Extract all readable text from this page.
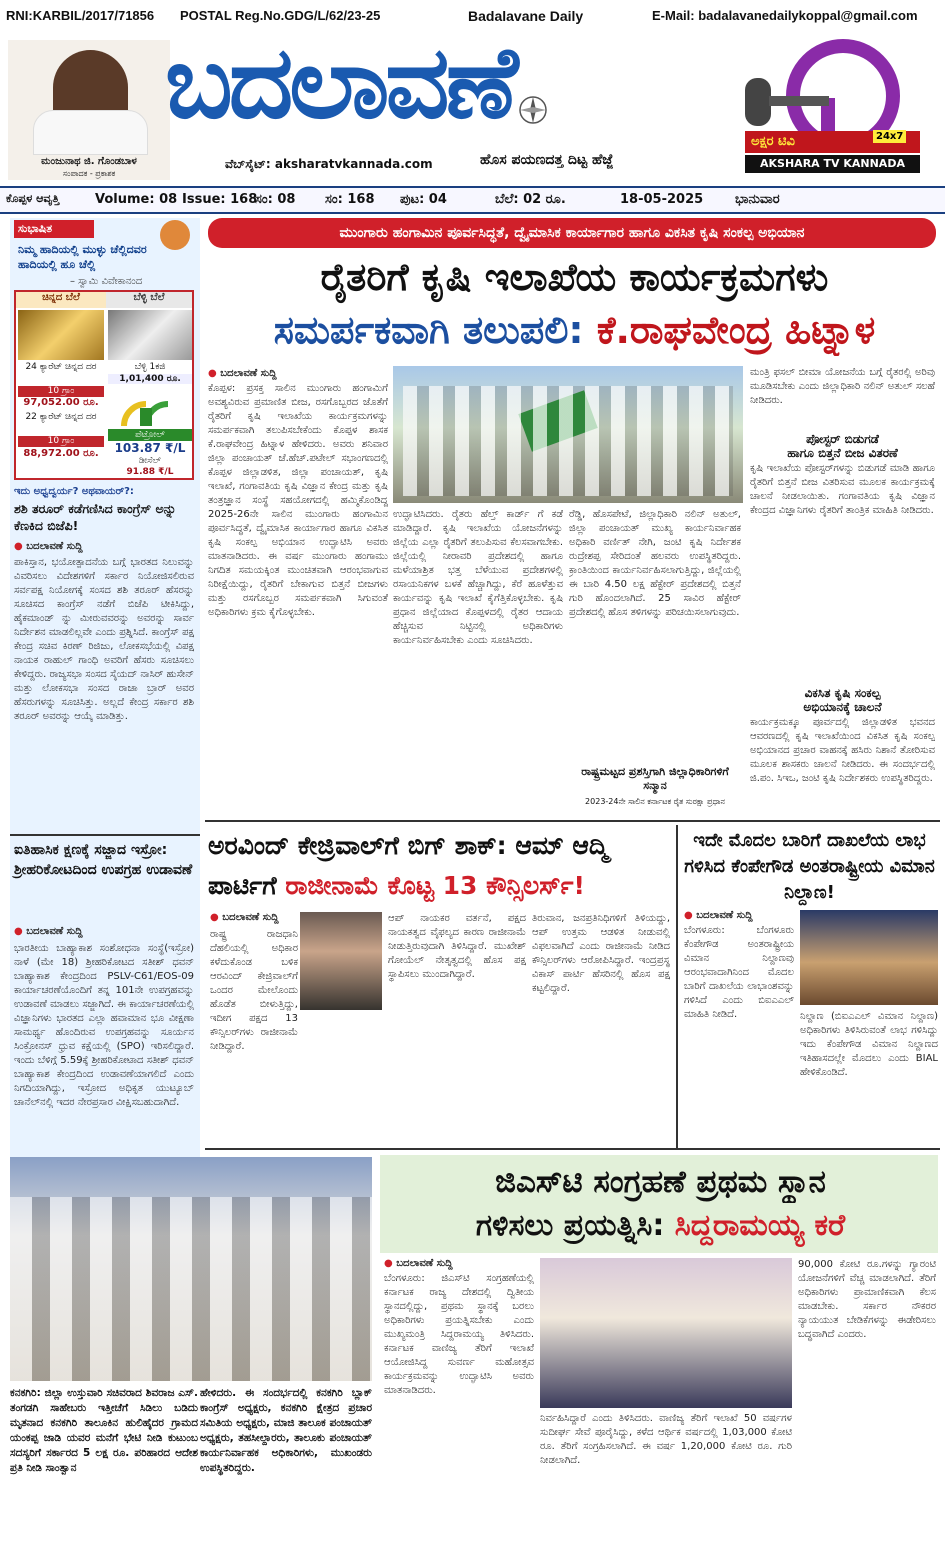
RNI:KARBIL/2017/71856 POSTAL Reg.No.GDG/L/62/23-25	Badalavane Daily	E-Mail: badalavanedailykoppal@gmail.com
ಮಂಜುನಾಥ ಜಿ. ಗೊಂಡಬಾಳ
ಸಂಪಾದಕ - ಪ್ರಕಾಶಕ
ಬದಲಾವಣೆ
ವೆಬ್‌ಸೈಟ್: aksharatvkannada.com	ಹೊಸ ಪಯಣದತ್ತ ದಿಟ್ಟ ಹೆಜ್ಜೆ
ಅಕ್ಷರ ಟಿವಿ	24x7
AKSHARA TV KANNADA
ಕೊಪ್ಪಳ ಆವೃತ್ತಿ	Volume: 08 Issue: 168
ಸಂ: 08 ಸಂ: 168 ಪುಟ: 04	ಬೆಲೆ: 02 ರೂ.	18-05-2025 ಭಾನುವಾರ
ಸುಭಾಷಿತ
ನಿಮ್ಮ ಹಾದಿಯಲ್ಲಿ ಮುಳ್ಳು ಚೆಲ್ಲಿದವರ ಹಾದಿಯಲ್ಲಿ ಹೂ ಚೆಲ್ಲಿ
– ಸ್ವಾಮಿ ವಿವೇಕಾನಂದ
ಚಿನ್ನದ ಬೆಲೆ	ಬೆಳ್ಳಿ ಬೆಲೆ
24 ಕ್ಯಾರೆಟ್ ಚಿನ್ನದ ದರ
10 ಗ್ರಾಂ
97,052.00 ರೂ.
22 ಕ್ಯಾರೆಟ್ ಚಿನ್ನದ ದರ
10 ಗ್ರಾಂ
88,972.00 ರೂ.
ಬೆಳ್ಳಿ 1ಕಜಿ
1,01,400 ರೂ.
ಪೆಟ್ರೋಲ್
103.87 ₹/L
ಡೀಸೆಲ್
91.88 ₹/L
ಇದು ಅಧ್ವದ್ವರ್ಯ? ಅಥವಾಯರ್?:
ಶಶಿ ತರೂರ್ ಕಡೆಗಣಿಸಿದ ಕಾಂಗ್ರೆಸ್ ಅನ್ನು ಕೆಣಕಿದ ಬಿಜೆಪಿ!
● ಬದಲಾವಣೆ ಸುದ್ದಿ
ಪಾಕಿಸ್ತಾನ, ಭಯೋತ್ಪಾದನೆಯ ಬಗ್ಗೆ ಭಾರತದ ನಿಲುವನ್ನು ವಿವರಿಸಲು ವಿದೇಶಗಳಿಗೆ ಸರ್ಕಾರ ನಿಯೋಜಿಸಲಿರುವ ಸರ್ವಪಕ್ಷ ನಿಯೋಗಕ್ಕೆ ಸಂಸದ ಶಶಿ ತರೂರ್ ಹೆಸರನ್ನು ಸೂಚಿಸದ ಕಾಂಗ್ರೆಸ್ ನಡೆಗೆ ಬಿಜೆಪಿ ಟೀಕಿಸಿದ್ದು, ಹೈಕಮಾಂಡ್ ನ್ನು ಮೀರುವವರನ್ನು ಅವರನ್ನು ಸಾರ್ವ ನಿರ್ದೇಶನ ಮಾಡಲಿಲ್ಲವೇ ಎಂದು ಪ್ರಶ್ನಿಸಿದೆ. ಕಾಂಗ್ರೆಸ್ ಪಕ್ಷ ಕೇಂದ್ರ ಸಚಿವ ಕಿರಣ್ ರಿಜಿಜು, ಲೋಕಸಭೆಯಲ್ಲಿ ವಿಪಕ್ಷ ನಾಯಕ ರಾಹುಲ್ ಗಾಂಧಿ ಅವರಿಗೆ ಹೆಸರು ಸೂಚಿಸಲು ಕೇಳಿದ್ದರು. ರಾಜ್ಯಸಭಾ ಸಂಸದ ಸೈಯದ್ ನಾಸಿರ್ ಹುಸೇನ್ ಮತ್ತು ಲೋಕಸಭಾ ಸಂಸದ ರಾಜಾ ಬ್ರಾರ್ ಅವರ ಹೆಸರುಗಳನ್ನು ಸೂಚಿಸಿತ್ತು. ಅಲ್ಲದೆ ಕೇಂದ್ರ ಸರ್ಕಾರ ಶಶಿ ತರೂರ್ ಅವರನ್ನು ಆಯ್ಕೆ ಮಾಡಿತ್ತು.
ಐತಿಹಾಸಿಕ ಕ್ಷಣಕ್ಕೆ ಸಜ್ಜಾದ ಇಸ್ರೋ: ಶ್ರೀಹರಿಕೋಟದಿಂದ ಉಪಗ್ರಹ ಉಡಾವಣೆ
● ಬದಲಾವಣೆ ಸುದ್ದಿ
ಭಾರತೀಯ ಬಾಹ್ಯಾಕಾಶ ಸಂಶೋಧನಾ ಸಂಸ್ಥೆ(ಇಸ್ರೋ) ನಾಳೆ (ಮೇ 18) ಶ್ರೀಹರಿಕೋಟದ ಸತೀಶ್ ಧವನ್ ಬಾಹ್ಯಾಕಾಶ ಕೇಂದ್ರದಿಂದ PSLV-C61/EOS-09 ಕಾರ್ಯಾಚರಣೆಯೊಂದಿಗೆ ತನ್ನ 101ನೇ ಉಪಗ್ರಹವನ್ನು ಉಡಾವಣೆ ಮಾಡಲು ಸಜ್ಜಾಗಿದೆ. ಈ ಕಾರ್ಯಾಚರಣೆಯಲ್ಲಿ ವಿಜ್ಞಾನಿಗಳು ಭಾರತದ ಎಲ್ಲಾ ಹವಾಮಾನ ಭೂ ವೀಕ್ಷಣಾ ಸಾಮರ್ಥ್ಯ ಹೊಂದಿರುವ ಉಪಗ್ರಹವನ್ನು ಸೂರ್ಯನ ಸಿಂಕ್ರೋನಸ್ ಧ್ರುವ ಕಕ್ಷೆಯಲ್ಲಿ (SPO) ಇರಿಸಲಿದ್ದಾರೆ. ಇಂದು ಬೆಳಿಗ್ಗೆ 5.59ಕ್ಕೆ ಶ್ರೀಹರಿಕೋಟಾದ ಸತೀಶ್ ಧವನ್ ಬಾಹ್ಯಾಕಾಶ ಕೇಂದ್ರದಿಂದ ಉಡಾವಣೆಯಾಗಲಿದೆ ಎಂದು ನಿಗದಿಯಾಗಿದ್ದು, ಇಸ್ರೋದ ಅಧಿಕೃತ ಯುಟ್ಯೂಬ್ ಚಾನೆಲ್‌ನಲ್ಲಿ ಇದರ ನೇರಪ್ರಸಾರ ವೀಕ್ಷಿಸಬಹುದಾಗಿದೆ.
ಮುಂಗಾರು ಹಂಗಾಮಿನ ಪೂರ್ವಸಿದ್ಧತೆ, ದ್ವೈಮಾಸಿಕ ಕಾರ್ಯಾಗಾರ ಹಾಗೂ ವಿಕಸಿತ ಕೃಷಿ ಸಂಕಲ್ಪ ಅಭಿಯಾನ
ರೈತರಿಗೆ ಕೃಷಿ ಇಲಾಖೆಯ ಕಾರ್ಯಕ್ರಮಗಳು
ಸಮರ್ಪಕವಾಗಿ ತಲುಪಲಿ: ಕೆ.ರಾಘವೇಂದ್ರ ಹಿಟ್ನಾಳ
● ಬದಲಾವಣೆ ಸುದ್ದಿ
ಕೊಪ್ಪಳ: ಪ್ರಸಕ್ತ ಸಾಲಿನ ಮುಂಗಾರು ಹಂಗಾಮಿಗೆ ಅವಶ್ಯವಿರುವ ಪ್ರಮಾಣಿತ ಬೀಜ, ರಸಗೊಬ್ಬರದ ಜೊತೆಗೆ ರೈತರಿಗೆ ಕೃಷಿ ಇಲಾಖೆಯ ಕಾರ್ಯಕ್ರಮಗಳನ್ನು ಸಮರ್ಪಕವಾಗಿ ತಲುಪಿಸಬೇಕೆಂದು ಕೊಪ್ಪಳ ಶಾಸಕ ಕೆ.ರಾಘವೇಂದ್ರ ಹಿಟ್ನಾಳ ಹೇಳಿದರು. ಅವರು ಶನಿವಾರ ಜಿಲ್ಲಾ ಪಂಚಾಯತ್ ಜೆ.ಹೆಚ್.ಪಟೇಲ್ ಸಭಾಂಗಣದಲ್ಲಿ ಕೊಪ್ಪಳ ಜಿಲ್ಲಾಡಳಿತ, ಜಿಲ್ಲಾ ಪಂಚಾಯತ್, ಕೃಷಿ ಇಲಾಖೆ, ಗಂಗಾವತಿಯ ಕೃಷಿ ವಿಜ್ಞಾನ ಕೇಂದ್ರ ಮತ್ತು ಕೃಷಿ ತಂತ್ರಜ್ಞಾನ ಸಂಸ್ಥೆ ಸಹಯೋಗದಲ್ಲಿ ಹಮ್ಮಿಕೊಂಡಿದ್ದ 2025-26ನೇ ಸಾಲಿನ ಮುಂಗಾರು ಹಂಗಾಮಿನ ಪೂರ್ವಸಿದ್ಧತೆ, ದ್ವೈಮಾಸಿಕ ಕಾರ್ಯಾಗಾರ ಹಾಗೂ ವಿಕಸಿತ ಕೃಷಿ ಸಂಕಲ್ಪ ಅಭಿಯಾನ ಉದ್ಘಾಟಿಸಿ ಅವರು ಮಾತನಾಡಿದರು. ಈ ವರ್ಷ ಮುಂಗಾರು ಹಂಗಾಮು ನಿಗದಿತ ಸಮಯಕ್ಕಿಂತ ಮುಂಚಿತವಾಗಿ ಆರಂಭವಾಗುವ ನಿರೀಕ್ಷೆಯಿದ್ದು, ರೈತರಿಗೆ ಬೇಕಾಗುವ ಬಿತ್ತನೆ ಬೀಜಗಳು ಮತ್ತು ರಸಗೊಬ್ಬರ ಸಮರ್ಪಕವಾಗಿ ಸಿಗುವಂತೆ ಅಧಿಕಾರಿಗಳು ಕ್ರಮ ಕೈಗೊಳ್ಳಬೇಕು.
ಉದ್ಘಾಟಿಸಿದರು. ರೈತರು ಹೆಲ್ತ್ ಕಾರ್ಡ್ ಗೆ ಕಡೆ ಮಾಡಿದ್ದಾರೆ. ಕೃಷಿ ಇಲಾಖೆಯ ಯೋಜನೆಗಳನ್ನು ಜಿಲ್ಲೆಯ ಎಲ್ಲಾ ರೈತರಿಗೆ ತಲುಪಿಸುವ ಕೆಲಸವಾಗಬೇಕು. ಜಿಲ್ಲೆಯಲ್ಲಿ ನೀರಾವರಿ ಪ್ರದೇಶದಲ್ಲಿ ಹಾಗೂ ಮಳೆಯಾಶ್ರಿತ ಭತ್ತ ಬೆಳೆಯುವ ಪ್ರದೇಶಗಳಲ್ಲಿ ರಸಾಯನಿಕಗಳ ಬಳಕೆ ಹೆಚ್ಚಾಗಿದ್ದು, ಕೆರೆ ಹೂಳೆತ್ತುವ ಕಾರ್ಯವನ್ನು ಕೃಷಿ ಇಲಾಖೆ ಕೈಗೆತ್ತಿಕೊಳ್ಳಬೇಕು. ಕೃಷಿ ಪ್ರಧಾನ ಜಿಲ್ಲೆಯಾದ ಕೊಪ್ಪಳದಲ್ಲಿ ರೈತರ ಆದಾಯ ಹೆಚ್ಚಿಸುವ ನಿಟ್ಟಿನಲ್ಲಿ ಅಧಿಕಾರಿಗಳು ಕಾರ್ಯನಿರ್ವಹಿಸಬೇಕು ಎಂದು ಸೂಚಿಸಿದರು.
ರೆಡ್ಡಿ, ಹೊಸಪೇಟೆ, ಜಿಲ್ಲಾಧಿಕಾರಿ ನಲಿನ್ ಅತುಲ್, ಜಿಲ್ಲಾ ಪಂಚಾಯತ್ ಮುಖ್ಯ ಕಾರ್ಯನಿರ್ವಾಹಕ ಅಧಿಕಾರಿ ವರ್ಣಿತ್ ನೇಗಿ, ಜಂಟಿ ಕೃಷಿ ನಿರ್ದೇಶಕ ರುದ್ರೇಶಪ್ಪ ಸೇರಿದಂತೆ ಹಲವರು ಉಪಸ್ಥಿತರಿದ್ದರು. ಕ್ರಾಂತಿಯಿಂದ ಕಾರ್ಯನಿರ್ವಹಿಸಲಾಗುತ್ತಿದ್ದು, ಜಿಲ್ಲೆಯಲ್ಲಿ ಈ ಬಾರಿ 4.50 ಲಕ್ಷ ಹೆಕ್ಟೇರ್ ಪ್ರದೇಶದಲ್ಲಿ ಬಿತ್ತನೆ ಗುರಿ ಹೊಂದಲಾಗಿದೆ. 25 ಸಾವಿರ ಹೆಕ್ಟೇರ್ ಪ್ರದೇಶದಲ್ಲಿ ಹೊಸ ತಳಿಗಳನ್ನು ಪರಿಚಯಿಸಲಾಗುವುದು.
ರಾಷ್ಟ್ರಮಟ್ಟದ ಪ್ರಶಸ್ತಿಗಾಗಿ ಜಿಲ್ಲಾಧಿಕಾರಿಗಳಿಗೆ ಸನ್ಮಾನ
2023-24ನೇ ಸಾಲಿನ ಕರ್ನಾಟಕ ರೈತ ಸುರಕ್ಷಾ ಪ್ರಧಾನ
ಮಂತ್ರಿ ಫಸಲ್ ಬೀಮಾ ಯೋಜನೆಯ ಬಗ್ಗೆ ರೈತರಲ್ಲಿ ಅರಿವು ಮೂಡಿಸಬೇಕು ಎಂದು ಜಿಲ್ಲಾಧಿಕಾರಿ ನಲಿನ್ ಅತುಲ್ ಸಲಹೆ ನೀಡಿದರು.
ಪೋಸ್ಟರ್ ಬಿಡುಗಡೆ
ಹಾಗೂ ಬಿತ್ತನೆ ಬೀಜ ವಿತರಣೆ
ಕೃಷಿ ಇಲಾಖೆಯ ಪೋಸ್ಟರ್‌ಗಳನ್ನು ಬಿಡುಗಡೆ ಮಾಡಿ ಹಾಗೂ ರೈತರಿಗೆ ಬಿತ್ತನೆ ಬೀಜ ವಿತರಿಸುವ ಮೂಲಕ ಕಾರ್ಯಕ್ರಮಕ್ಕೆ ಚಾಲನೆ ನೀಡಲಾಯಿತು. ಗಂಗಾವತಿಯ ಕೃಷಿ ವಿಜ್ಞಾನ ಕೇಂದ್ರದ ವಿಜ್ಞಾನಿಗಳು ರೈತರಿಗೆ ತಾಂತ್ರಿಕ ಮಾಹಿತಿ ನೀಡಿದರು.
ವಿಕಸಿತ ಕೃಷಿ ಸಂಕಲ್ಪ
ಅಭಿಯಾನಕ್ಕೆ ಚಾಲನೆ
ಕಾರ್ಯಕ್ರಮಕ್ಕೂ ಪೂರ್ವದಲ್ಲಿ ಜಿಲ್ಲಾಡಳಿತ ಭವನದ ಆವರಣದಲ್ಲಿ ಕೃಷಿ ಇಲಾಖೆಯಿಂದ ವಿಕಸಿತ ಕೃಷಿ ಸಂಕಲ್ಪ ಅಭಿಯಾನದ ಪ್ರಚಾರ ವಾಹನಕ್ಕೆ ಹಸಿರು ನಿಶಾನೆ ತೋರಿಸುವ ಮೂಲಕ ಶಾಸಕರು ಚಾಲನೆ ನೀಡಿದರು. ಈ ಸಂದರ್ಭದಲ್ಲಿ ಜಿ.ಪಂ. ಸಿಇಒ, ಜಂಟಿ ಕೃಷಿ ನಿರ್ದೇಶಕರು ಉಪಸ್ಥಿತರಿದ್ದರು.
ಅರವಿಂದ್ ಕೇಜ್ರಿವಾಲ್‌ಗೆ ಬಿಗ್ ಶಾಕ್: ಆಮ್ ಆದ್ಮಿ
ಪಾರ್ಟಿಗೆ ರಾಜೀನಾಮೆ ಕೊಟ್ಟ 13 ಕೌನ್ಸಿಲರ್ಸ್!
● ಬದಲಾವಣೆ ಸುದ್ದಿ
ರಾಷ್ಟ್ರ ರಾಜಧಾನಿ ದೆಹಲಿಯಲ್ಲಿ ಅಧಿಕಾರ ಕಳೆದುಕೊಂಡ ಬಳಿಕ ಆರವಿಂದ್ ಕೇಜ್ರಿವಾಲ್‌ಗೆ ಒಂದರ ಮೇಲೊಂದು ಹೊಡೆತ ಬೀಳುತ್ತಿದ್ದು, ಇದೀಗ ಪಕ್ಷದ 13 ಕೌನ್ಸಿಲರ್‌ಗಳು ರಾಜೀನಾಮೆ ನೀಡಿದ್ದಾರೆ.
ಆಪ್ ನಾಯಕರ ವರ್ತನೆ, ಪಕ್ಷದ ನಾಯಕತ್ವದ ವೈಫಲ್ಯದ ಕಾರಣ ರಾಜೀನಾಮೆ ನೀಡುತ್ತಿರುವುದಾಗಿ ತಿಳಿಸಿದ್ದಾರೆ. ಮುಖೇಶ್ ಗೋಯೆಲ್ ನೇತೃತ್ವದಲ್ಲಿ ಹೊಸ ಪಕ್ಷ ಸ್ಥಾಪಿಸಲು ಮುಂದಾಗಿದ್ದಾರೆ.
ತಿರುವಾನ, ಜನಪ್ರತಿನಿಧಿಗಳಿಗೆ ತಿಳಿಯದ್ದು, ಆಪ್ ಉತ್ತಮ ಆಡಳಿತ ನೀಡುವಲ್ಲಿ ವಿಫಲವಾಗಿದೆ ಎಂದು ರಾಜೀನಾಮೆ ನೀಡಿದ ಕೌನ್ಸಿಲರ್‌ಗಳು ಆರೋಪಿಸಿದ್ದಾರೆ. ಇಂದ್ರಪ್ರಸ್ಥ ವಿಕಾಸ್ ಪಾರ್ಟಿ ಹೆಸರಿನಲ್ಲಿ ಹೊಸ ಪಕ್ಷ ಕಟ್ಟಲಿದ್ದಾರೆ.
ಇದೇ ಮೊದಲ ಬಾರಿಗೆ ದಾಖಲೆಯ ಲಾಭ ಗಳಿಸಿದ ಕೆಂಪೇಗೌಡ ಅಂತರಾಷ್ಟ್ರೀಯ ವಿಮಾನ ನಿಲ್ದಾಣ!
● ಬದಲಾವಣೆ ಸುದ್ದಿ
ಬೆಂಗಳೂರು: ಬೆಂಗಳೂರು ಕೆಂಪೇಗೌಡ ಅಂತರಾಷ್ಟ್ರೀಯ ವಿಮಾನ ನಿಲ್ದಾಣವು ಆರಂಭವಾದಾಗಿನಿಂದ ಮೊದಲ ಬಾರಿಗೆ ದಾಖಲೆಯ ಲಾಭಾಂಶವನ್ನು ಗಳಿಸಿದೆ ಎಂದು ಬಿಐಎಎಲ್ ಮಾಹಿತಿ ನೀಡಿದೆ.	ನಿಲ್ದಾಣ (ಬಿಐಎಎಲ್ ವಿಮಾನ ನಿಲ್ದಾಣ) ಅಧಿಕಾರಿಗಳು ತಿಳಿಸಿರುವಂತೆ ಲಾಭ ಗಳಿಸಿದ್ದು ಇದು ಕೆಂಪೇಗೌಡ ವಿಮಾನ ನಿಲ್ದಾಣದ ಇತಿಹಾಸದಲ್ಲೇ ಮೊದಲು ಎಂದು BIAL ಹೇಳಿಕೊಂಡಿದೆ.
ಕನಕಗಿರಿ: ಜಿಲ್ಲಾ ಉಸ್ತುವಾರಿ ಸಚಿವರಾದ ಶಿವರಾಜ ಎಸ್. ತಂಗಡಗಿ ಸಾಹೇಬರು ಇತ್ತೀಚೆಗೆ ಸಿಡಿಲು ಬಡಿದು ಮೃತನಾದ ಕನಕಗಿರಿ ತಾಲೂಕಿನ ಹುಲಿಹೈದರ ಗ್ರಾಮದ ಯಂಕಪ್ಪ ಜಾಡಿ ಯವರ ಮನೆಗೆ ಭೇಟಿ ನೀಡಿ ಕುಟುಂಬ ಸದಸ್ಯರಿಗೆ ಸರ್ಕಾರದ 5 ಲಕ್ಷ ರೂ. ಪರಿಹಾರದ ಆದೇಶ ಪ್ರತಿ ನೀಡಿ ಸಾಂತ್ವಾನ
ಹೇಳಿದರು. ಈ ಸಂದರ್ಭದಲ್ಲಿ ಕನಕಗಿರಿ ಬ್ಲಾಕ್ ಕಾಂಗ್ರೆಸ್ ಅಧ್ಯಕ್ಷರು, ಕನಕಗಿರಿ ಕ್ಷೇತ್ರದ ಪ್ರಚಾರ ಸಮಿತಿಯ ಅಧ್ಯಕ್ಷರು, ಮಾಜಿ ತಾಲೂಕ ಪಂಚಾಯತ್ ಅಧ್ಯಕ್ಷರು, ತಹಸೀಲ್ದಾರರು, ತಾಲೂಕು ಪಂಚಾಯತ್ ಕಾರ್ಯನಿರ್ವಾಹಕ ಅಧಿಕಾರಿಗಳು, ಮುಖಂಡರು ಉಪಸ್ಥಿತರಿದ್ದರು.
ಜಿಎಸ್‌ಟಿ ಸಂಗ್ರಹಣೆ ಪ್ರಥಮ ಸ್ಥಾನ
ಗಳಿಸಲು ಪ್ರಯತ್ನಿಸಿ: ಸಿದ್ದರಾಮಯ್ಯ ಕರೆ
● ಬದಲಾವಣೆ ಸುದ್ದಿ
ಬೆಂಗಳೂರು: ಜಿಎಸ್‌ಟಿ ಸಂಗ್ರಹಣೆಯಲ್ಲಿ ಕರ್ನಾಟಕ ರಾಜ್ಯ ದೇಶದಲ್ಲಿ ದ್ವಿತೀಯ ಸ್ಥಾನದಲ್ಲಿದ್ದು, ಪ್ರಥಮ ಸ್ಥಾನಕ್ಕೆ ಬರಲು ಅಧಿಕಾರಿಗಳು ಪ್ರಯತ್ನಿಸಬೇಕು ಎಂದು ಮುಖ್ಯಮಂತ್ರಿ ಸಿದ್ದರಾಮಯ್ಯ ತಿಳಿಸಿದರು. ಕರ್ನಾಟಕ ವಾಣಿಜ್ಯ ತೆರಿಗೆ ಇಲಾಖೆ ಆಯೋಜಿಸಿದ್ದ ಸುವರ್ಣ ಮಹೋತ್ಸವ ಕಾರ್ಯಕ್ರಮವನ್ನು ಉದ್ಘಾಟಿಸಿ ಅವರು ಮಾತನಾಡಿದರು.
ನಿರ್ವಹಿಸಿದ್ದಾರೆ ಎಂದು ತಿಳಿಸಿದರು. ವಾಣಿಜ್ಯ ತೆರಿಗೆ ಇಲಾಖೆ 50 ವರ್ಷಗಳ ಸುದೀರ್ಘ ಸೇವೆ ಪೂರೈಸಿದ್ದು, ಕಳೆದ ಆರ್ಥಿಕ ವರ್ಷದಲ್ಲಿ 1,03,000 ಕೋಟಿ ರೂ. ತೆರಿಗೆ ಸಂಗ್ರಹಿಸಲಾಗಿದೆ. ಈ ವರ್ಷ 1,20,000 ಕೋಟಿ ರೂ. ಗುರಿ ನೀಡಲಾಗಿದೆ.
90,000 ಕೋಟಿ ರೂ.ಗಳನ್ನು ಗ್ಯಾರಂಟಿ ಯೋಜನೆಗಳಿಗೆ ವೆಚ್ಚ ಮಾಡಲಾಗಿದೆ. ತೆರಿಗೆ ಅಧಿಕಾರಿಗಳು ಪ್ರಾಮಾಣಿಕವಾಗಿ ಕೆಲಸ ಮಾಡಬೇಕು. ಸರ್ಕಾರ ನೌಕರರ ನ್ಯಾಯಯುತ ಬೇಡಿಕೆಗಳನ್ನು ಈಡೇರಿಸಲು ಬದ್ಧವಾಗಿದೆ ಎಂದರು.
